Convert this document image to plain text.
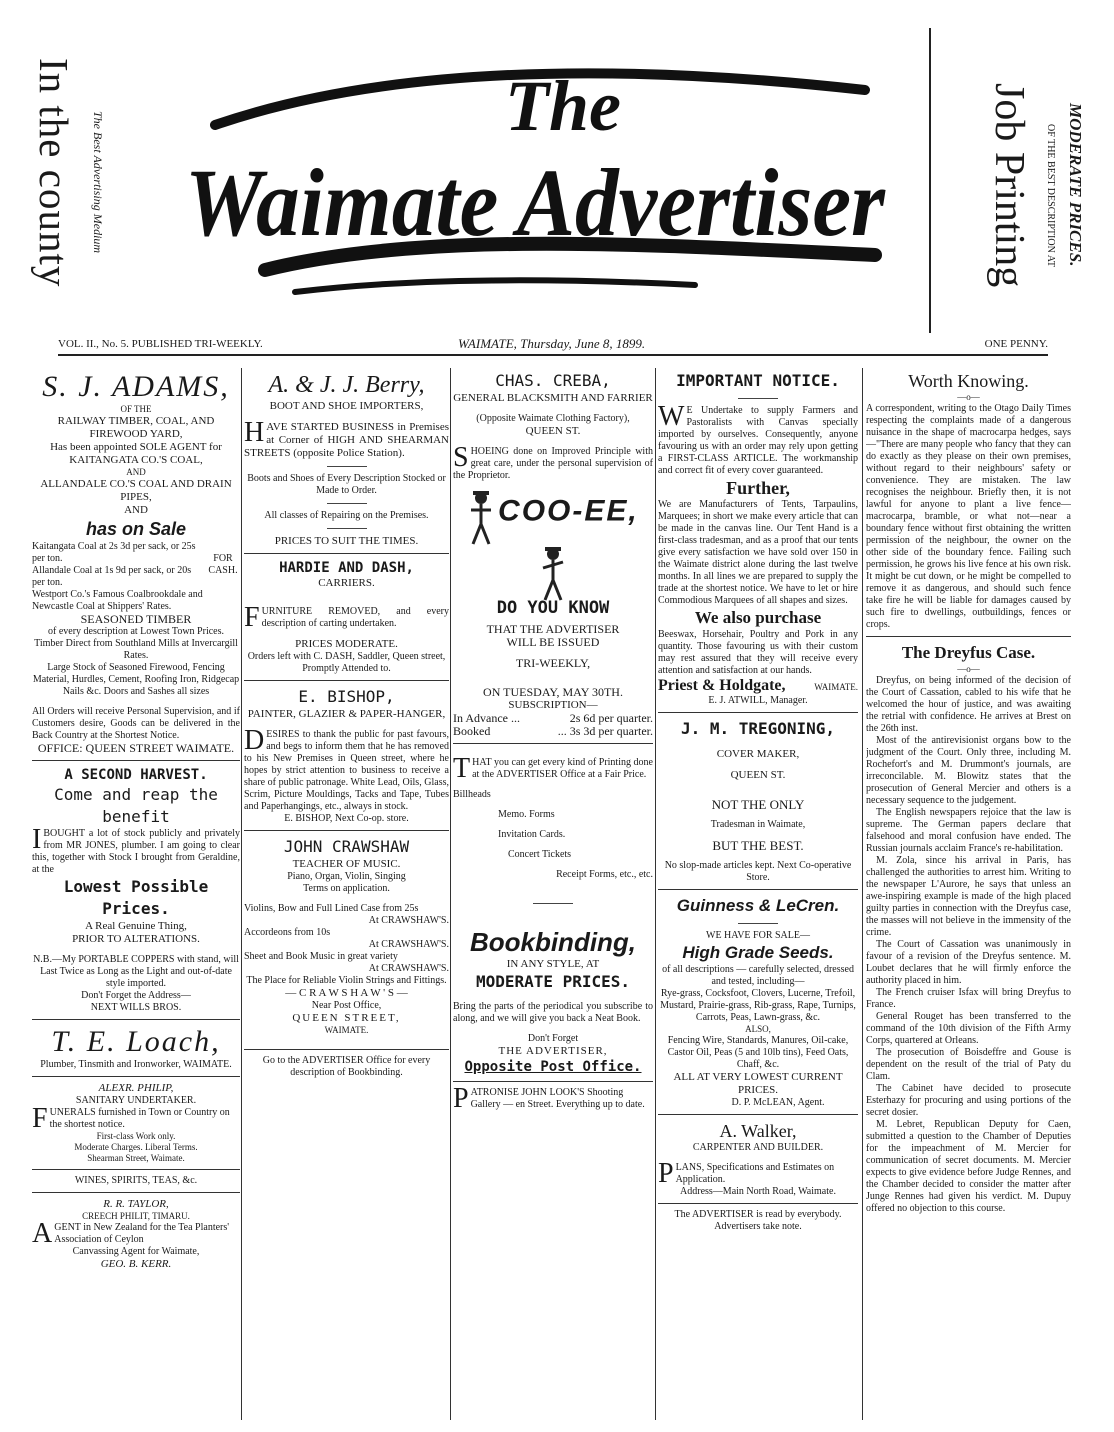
In the county The Best Advertising Medium
The
Waimate Advertiser Job Printing OF THE BEST DESCRIPTION AT MODERATE PRICES.
VOL. II., No. 5. PUBLISHED TRI-WEEKLY.	WAIMATE, Thursday, June 8, 1899.	ONE PENNY.
S. J. ADAMS,
OF THE
RAILWAY TIMBER, COAL, AND FIREWOOD YARD,
Has been appointed SOLE AGENT for KAITANGATA CO.'S COAL,
AND
ALLANDALE CO.'S COAL AND DRAIN PIPES,
AND
has on Sale
Kaitangata Coal at 2s 3d per sack, or 25s per ton.
Allandale Coal at 1s 9d per sack, or 20s per ton.
FOR CASH.
Westport Co.'s Famous Coalbrookdale and Newcastle Coal at Shippers' Rates.
SEASONED TIMBER
of every description at Lowest Town Prices.
Timber Direct from Southland Mills at Invercargill Rates.
Large Stock of Seasoned Firewood, Fencing Material, Hurdles, Cement, Roofing Iron, Ridgecap Nails &c. Doors and Sashes all sizes
All Orders will receive Personal Supervision, and if Customers desire, Goods can be delivered in the Back Country at the Shortest Notice.
OFFICE: QUEEN STREET WAIMATE.
A SECOND HARVEST.
Come and reap the benefit
IBOUGHT a lot of stock publicly and privately from MR JONES, plumber. I am going to clear this, together with Stock I brought from Geraldine, at the
Lowest Possible Prices.
A Real Genuine Thing,
PRIOR TO ALTERATIONS.
N.B.—My PORTABLE COPPERS with stand, will Last Twice as Long as the Light and out-of-date style imported.
Don't Forget the Address—
NEXT WILLS BROS.
T. E. Loach,
Plumber, Tinsmith and Ironworker, WAIMATE.
ALEXR. PHILIP,
SANITARY UNDERTAKER.
FUNERALS furnished in Town or Country on the shortest notice.
First-class Work only.
Moderate Charges. Liberal Terms.
Shearman Street, Waimate.
WINES, SPIRITS, TEAS, &c.
R. R. TAYLOR,
CREECH PHILIT, TIMARU.
AGENT in New Zealand for the Tea Planters' Association of Ceylon
Canvassing Agent for Waimate,
GEO. B. KERR.
A. & J. J. Berry,
BOOT AND SHOE IMPORTERS,
HAVE STARTED BUSINESS in Premises at Corner of HIGH AND SHEARMAN STREETS (opposite Police Station).
Boots and Shoes of Every Description Stocked or Made to Order.
All classes of Repairing on the Premises.
PRICES TO SUIT THE TIMES.
HARDIE AND DASH,
CARRIERS.
FURNITURE REMOVED, and every description of carting undertaken.
PRICES MODERATE.
Orders left with C. DASH, Saddler, Queen street, Promptly Attended to.
E. BISHOP,
PAINTER, GLAZIER & PAPER-HANGER,
DESIRES to thank the public for past favours, and begs to inform them that he has removed to his New Premises in Queen street, where he hopes by strict attention to business to receive a share of public patronage. White Lead, Oils, Glass, Scrim, Picture Mouldings, Tacks and Tape, Tubes and Paperhangings, etc., always in stock.
E. BISHOP, Next Co-op. store.
JOHN CRAWSHAW
TEACHER OF MUSIC.
Piano, Organ, Violin, Singing
Terms on application.
Violins, Bow and Full Lined Case from 25s
At CRAWSHAW'S.
Accordeons from 10s
At CRAWSHAW'S.
Sheet and Book Music in great variety
At CRAWSHAW'S.
The Place for Reliable Violin Strings and Fittings.
— C R A W S H A W ' S —
Near Post Office,
QUEEN STREET,
WAIMATE.
Go to the ADVERTISER Office for every description of Bookbinding.
CHAS. CREBA,
GENERAL BLACKSMITH AND FARRIER
(Opposite Waimate Clothing Factory),
QUEEN ST.
SHOEING done on Improved Principle with great care, under the personal supervision of the Proprietor.
COO-EE,
DO YOU KNOW
THAT THE ADVERTISER
WILL BE ISSUED
TRI-WEEKLY,
ON TUESDAY, MAY 30TH.
SUBSCRIPTION—
In Advance ...	2s 6d per quarter.
Booked	... 3s 3d per quarter.
THAT you can get every kind of Printing done at the ADVERTISER Office at a Fair Price.
Billheads
Memo. Forms
Invitation Cards.
Concert Tickets
Receipt Forms, etc., etc.
Bookbinding,
IN ANY STYLE, AT
MODERATE PRICES.
Bring the parts of the periodical you subscribe to along, and we will give you back a Neat Book.
Don't Forget
THE ADVERTISER,
Opposite Post Office.
PATRONISE JOHN LOOK'S Shooting Gallery — en Street. Everything up to date.
IMPORTANT NOTICE.
WE Undertake to supply Farmers and Pastoralists with Canvas specially imported by ourselves. Consequently, anyone favouring us with an order may rely upon getting a FIRST-CLASS ARTICLE. The workmanship and correct fit of every cover guaranteed.
Further,
We are Manufacturers of Tents, Tarpaulins, Marquees; in short we make every article that can be made in the canvas line. Our Tent Hand is a first-class tradesman, and as a proof that our tents give every satisfaction we have sold over 150 in the Waimate district alone during the last twelve months. In all lines we are prepared to supply the trade at the shortest notice. We have to let or hire Commodious Marquees of all shapes and sizes.
We also purchase
Beeswax, Horsehair, Poultry and Pork in any quantity. Those favouring us with their custom may rest assured that they will receive every attention and satisfaction at our hands.
Priest & Holdgate,	WAIMATE.
E. J. ATWILL, Manager.
J. M. TREGONING,
COVER MAKER,
QUEEN ST.
NOT THE ONLY
Tradesman in Waimate,
BUT THE BEST.
No slop-made articles kept. Next Co-operative Store.
Guinness & LeCren.
WE HAVE FOR SALE—
High Grade Seeds.
of all descriptions — carefully selected, dressed and tested, including—
Rye-grass, Cocksfoot, Clovers, Lucerne, Trefoil, Mustard, Prairie-grass, Rib-grass, Rape, Turnips, Carrots, Peas, Lawn-grass, &c.
ALSO,
Fencing Wire, Standards, Manures, Oil-cake, Castor Oil, Peas (5 and 10lb tins), Feed Oats, Chaff, &c.
ALL AT VERY LOWEST CURRENT PRICES.
D. P. McLEAN, Agent.
A. Walker,
CARPENTER AND BUILDER.
PLANS, Specifications and Estimates on Application.
Address—Main North Road, Waimate.
The ADVERTISER is read by everybody. Advertisers take note.
Worth Knowing.
—o—
A correspondent, writing to the Otago Daily Times respecting the complaints made of a dangerous nuisance in the shape of macrocarpa hedges, says—"There are many people who fancy that they can do exactly as they please on their own premises, without regard to their neighbours' safety or convenience. They are mistaken. The law recognises the neighbour. Briefly then, it is not lawful for anyone to plant a live fence—macrocarpa, bramble, or what not—near a boundary fence without first obtaining the written permission of the neighbour, the owner on the other side of the boundary fence. Failing such permission, he grows his live fence at his own risk. It might be cut down, or he might be compelled to remove it as dangerous, and should such fence take fire he will be liable for damages caused by such fire to dwellings, outbuildings, fences or crops.
The Dreyfus Case.
—o—
Dreyfus, on being informed of the decision of the Court of Cassation, cabled to his wife that he welcomed the hour of justice, and was awaiting the retrial with confidence. He arrives at Brest on the 26th inst.
Most of the antirevisionist organs bow to the judgment of the Court. Only three, including M. Rochefort's and M. Drummont's journals, are irreconcilable. M. Blowitz states that the prosecution of General Mercier and others is a necessary sequence to the judgement.
The English newspapers rejoice that the law is supreme. The German papers declare that falsehood and moral confusion have ended. The Russian journals acclaim France's re-habilitation.
M. Zola, since his arrival in Paris, has challenged the authorities to arrest him. Writing to the newspaper L'Aurore, he says that unless an awe-inspiring example is made of the high placed guilty parties in connection with the Dreyfus case, the masses will not believe in the immensity of the crime.
The Court of Cassation was unanimously in favour of a revision of the Dreyfus sentence. M. Loubet declares that he will firmly enforce the authority placed in him.
The French cruiser Isfax will bring Dreyfus to France.
General Rouget has been transferred to the command of the 10th division of the Fifth Army Corps, quartered at Orleans.
The prosecution of Boisdeffre and Gouse is dependent on the result of the trial of Paty du Clam.
The Cabinet have decided to prosecute Esterhazy for procuring and using portions of the secret dosier.
M. Lebret, Republican Deputy for Caen, submitted a question to the Chamber of Deputies for the impeachment of M. Mercier for communication of secret documents. M. Mercier expects to give evidence before Judge Rennes, and the Chamber decided to consider the matter after Junge Rennes had given his verdict. M. Dupuy offered no objection to this course.
